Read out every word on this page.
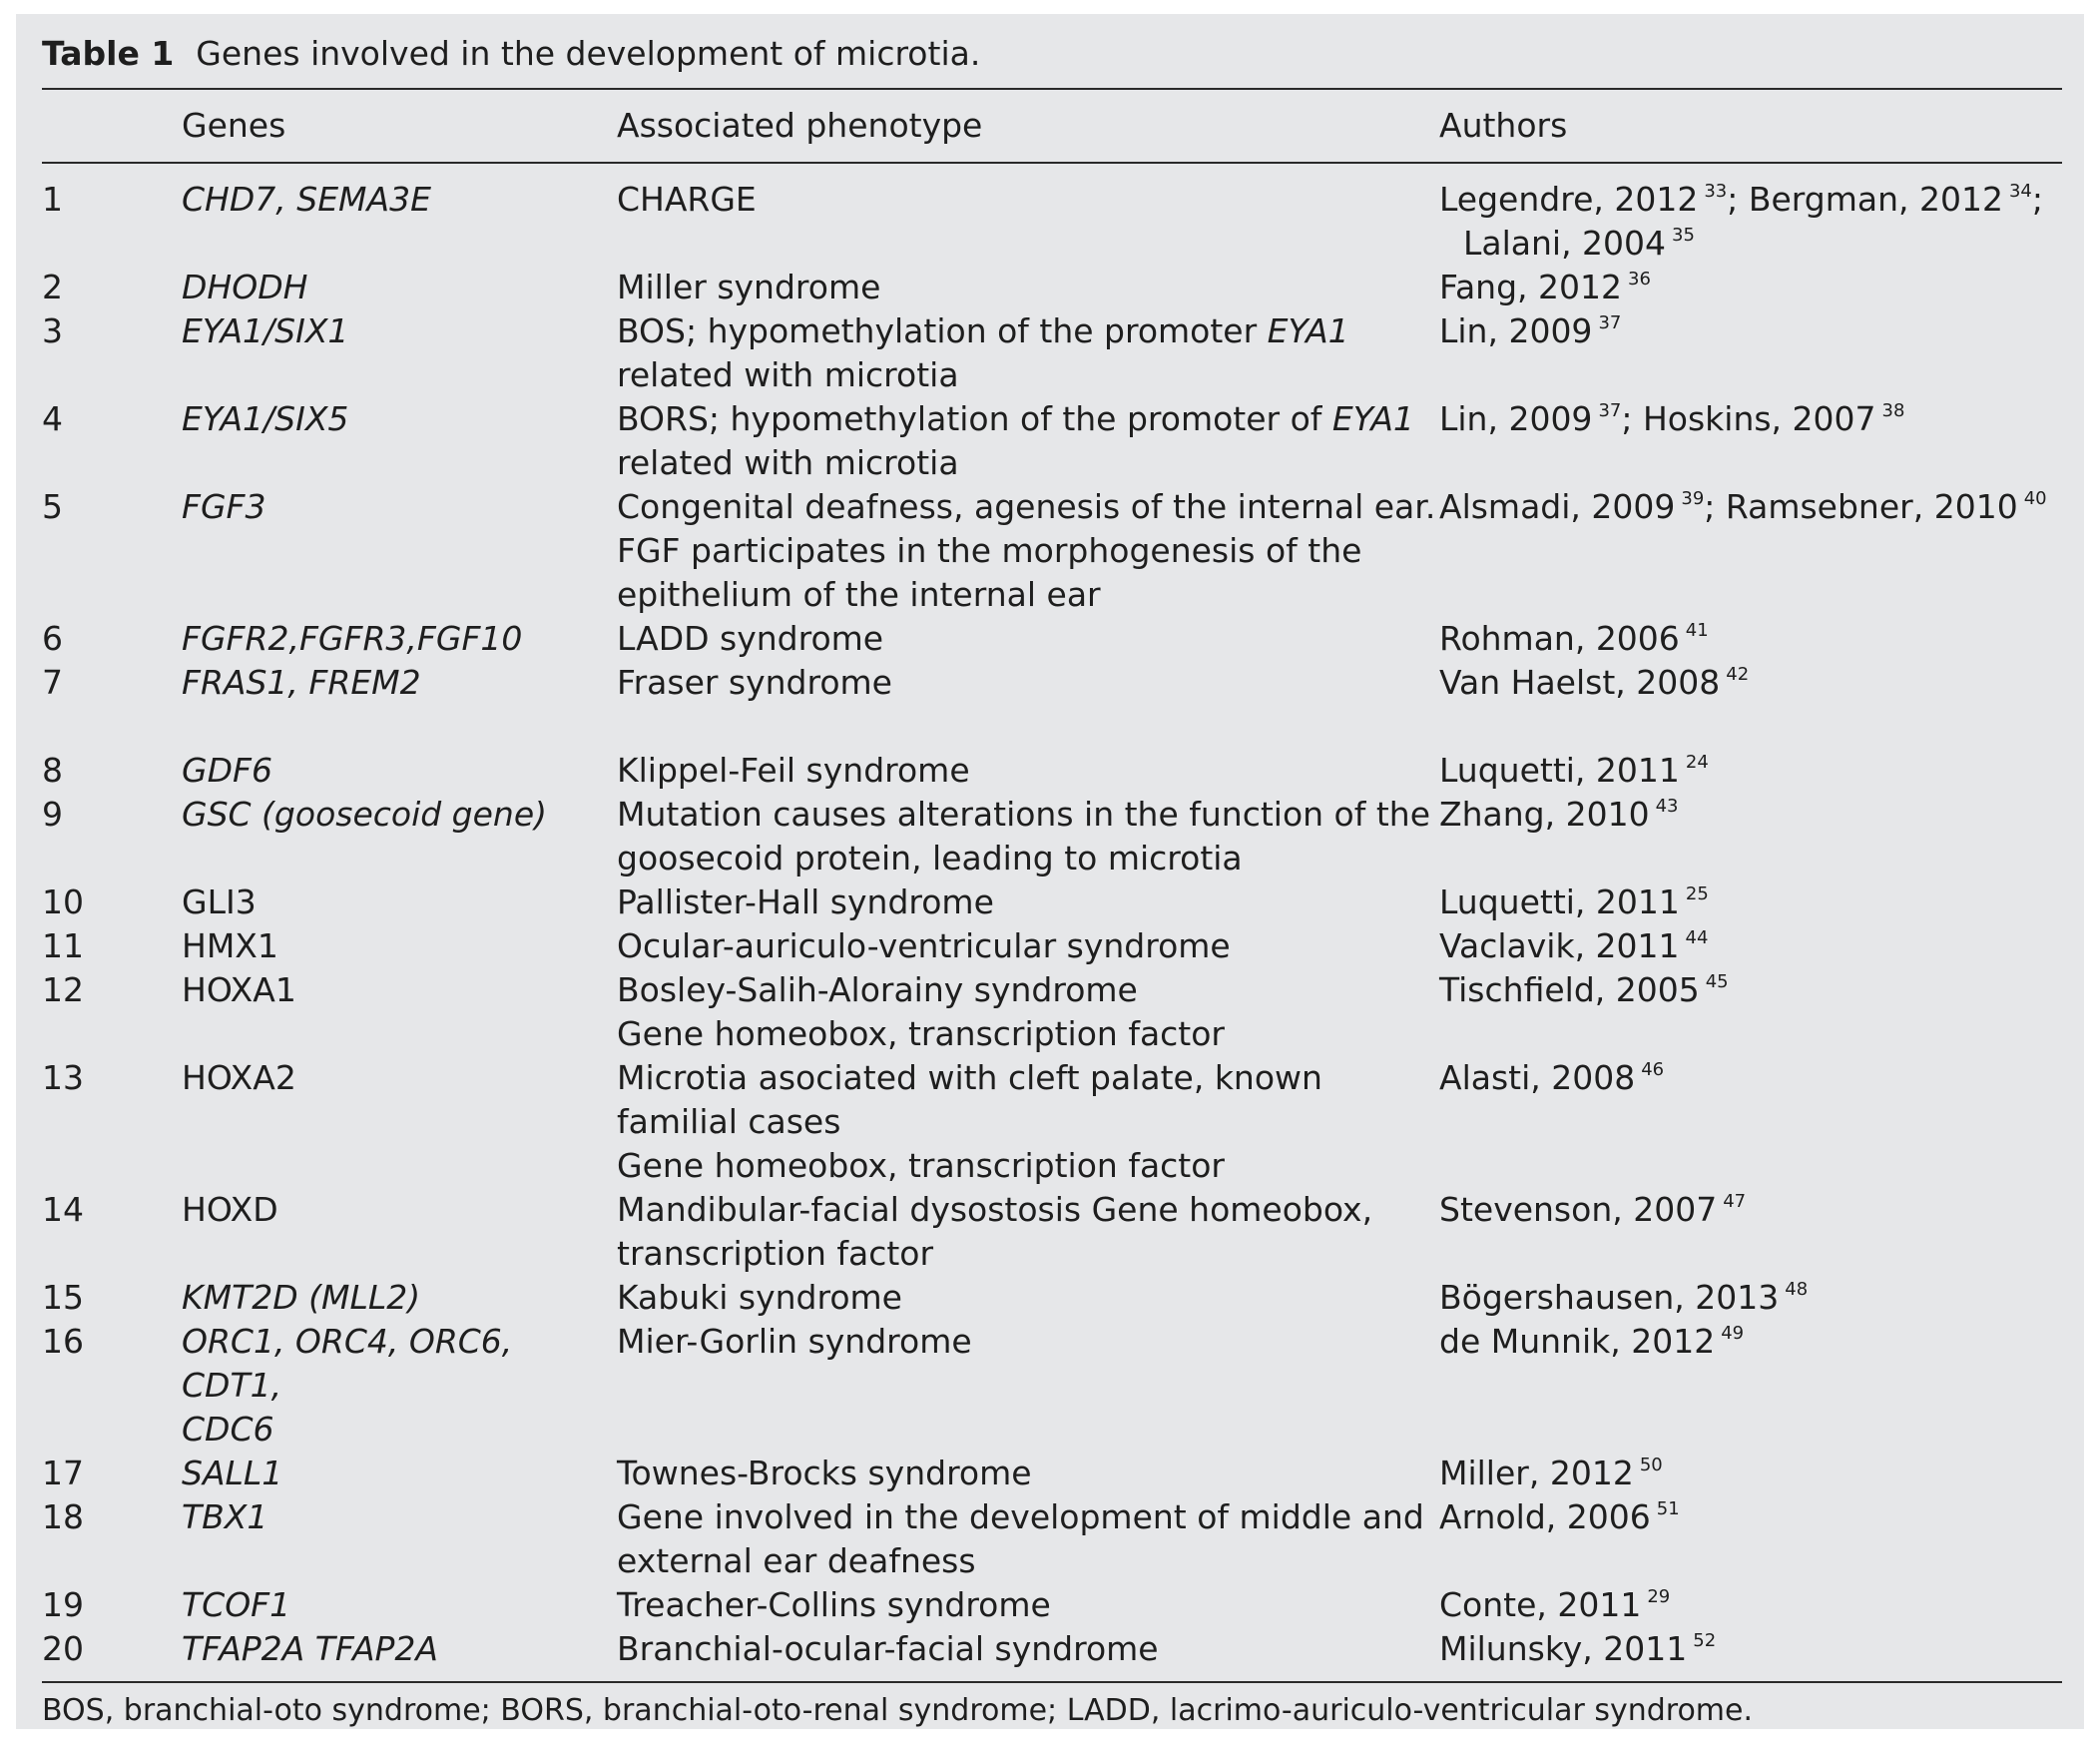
Table 1 Genes involved in the development of microtia.
	Genes	Associated phenotype	Authors
1	CHD7, SEMA3E	CHARGE	Legendre, 2012 $^{33}$; Bergman, 2012 $^{34}$;
Lalani, 2004 $^{35}$
2	DHODH	Miller syndrome	Fang, 2012 $^{36}$
3	EYA1/SIX1	BOS; hypomethylation of the promoter EYA1
related with microtia	Lin, 2009 $^{37}$
4	EYA1/SIX5	BORS; hypomethylation of the promoter of EYA1
related with microtia	Lin, 2009 $^{37}$; Hoskins, 2007 $^{38}$
5	FGF3	Congenital deafness, agenesis of the internal ear.
FGF participates in the morphogenesis of the
epithelium of the internal ear	Alsmadi, 2009 $^{39}$; Ramsebner, 2010 $^{40}$
6	FGFR2,FGFR3,FGF10	LADD syndrome	Rohman, 2006 $^{41}$
7	FRAS1, FREM2	Fraser syndrome	Van Haelst, 2008 $^{42}$

8	GDF6	Klippel-Feil syndrome	Luquetti, 2011 $^{24}$
9	GSC (goosecoid gene)	Mutation causes alterations in the function of the
goosecoid protein, leading to microtia	Zhang, 2010 $^{43}$
10	GLI3	Pallister-Hall syndrome	Luquetti, 2011 $^{25}$
11	HMX1	Ocular-auriculo-ventricular syndrome	Vaclavik, 2011 $^{44}$
12	HOXA1	Bosley-Salih-Alorainy syndrome
Gene homeobox, transcription factor	Tischfield, 2005 $^{45}$
13	HOXA2	Microtia asociated with cleft palate, known
familial cases
Gene homeobox, transcription factor	Alasti, 2008 $^{46}$
14	HOXD	Mandibular-facial dysostosis Gene homeobox,
transcription factor	Stevenson, 2007 $^{47}$
15	KMT2D (MLL2)	Kabuki syndrome	Bögershausen, 2013 $^{48}$
16	ORC1, ORC4, ORC6, CDT1,
CDC6	Mier-Gorlin syndrome	de Munnik, 2012 $^{49}$
17	SALL1	Townes-Brocks syndrome	Miller, 2012 $^{50}$
18	TBX1	Gene involved in the development of middle and
external ear deafness	Arnold, 2006 $^{51}$
19	TCOF1	Treacher-Collins syndrome	Conte, 2011 $^{29}$
20	TFAP2A TFAP2A	Branchial-ocular-facial syndrome	Milunsky, 2011 $^{52}$
BOS, branchial-oto syndrome; BORS, branchial-oto-renal syndrome; LADD, lacrimo-auriculo-ventricular syndrome.
